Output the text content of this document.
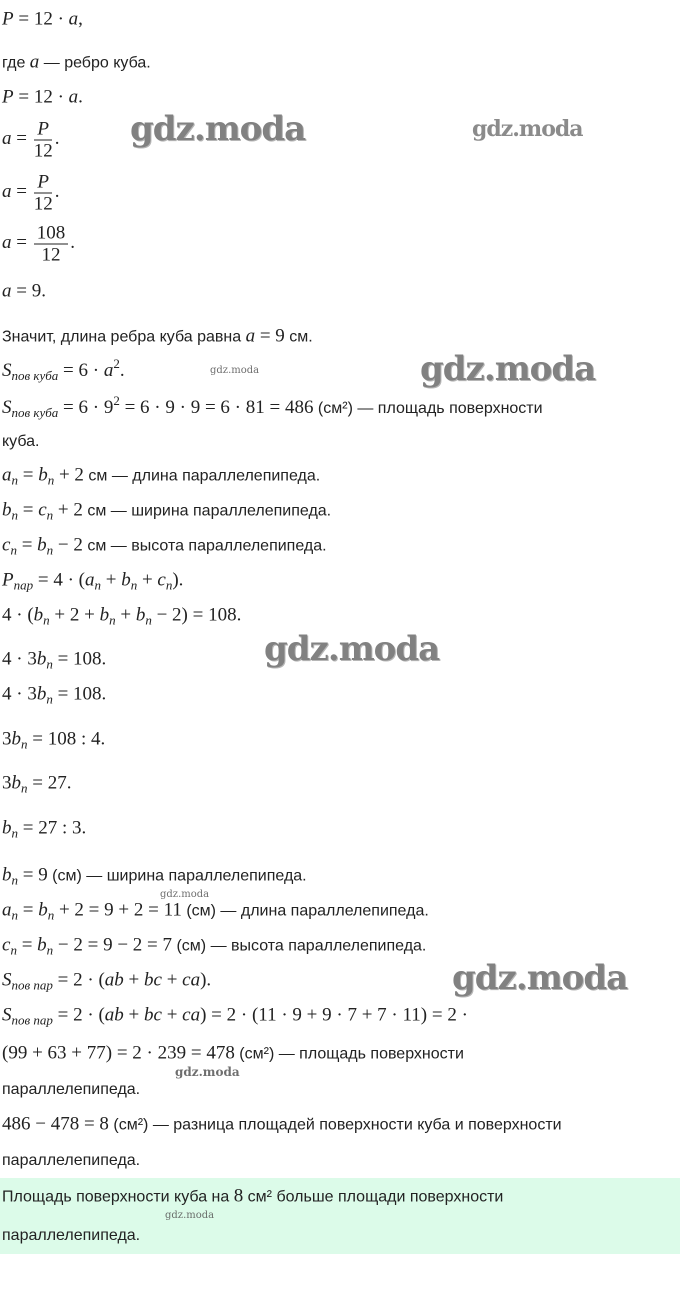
P = 12 · a,
где a — ребро куба.
P = 12 · a.
$a = \frac{P}{12}$ .
$a = \frac{P}{12}$ .
$a = \frac{108}{12}$ .
a = 9.
Значит, длина ребра куба равна a = 9 см.
$S_{пов куба} = 6 \cdot a^2$.
$S_{пов куба} = 6 \cdot 9^2 = 6 \cdot 9 \cdot 9 = 6 \cdot 81 = 486$ (см²) — площадь поверхности
куба.
$a_n = b_n + 2$ см — длина параллелепипеда.
$b_n = c_n + 2$ см — ширина параллелепипеда.
$c_n = b_n - 2$ см — высота параллелепипеда.
$P_{пар} = 4 \cdot (a_n + b_n + c_n)$.
$4 \cdot (b_n + 2 + b_n + b_n - 2) = 108$.
$4 \cdot 3b_n = 108$.
$4 \cdot 3b_n = 108$.
$3b_n = 108$ : 4.
$3b_n = 27$.
$b_n = 27$ : 3.
$b_n = 9$ (см) — ширина параллелепипеда.
$a_n = b_n + 2 = 9 + 2 = 11$ (см) — длина параллелепипеда.
$c_n = b_n - 2 = 9 - 2 = 7$ (см) — высота параллелепипеда.
$S_{пов пар} = 2 \cdot (ab$ + bc + ca).
$S_{пов пар} = 2 \cdot (ab$ + bc + ca) = 2 · (11 · 9 + 9 · 7 + 7 · 11) = 2 ·
(99 + 63 + 77) = 2 · 239 = 478 (см²) — площадь поверхности
параллелепипеда.
486 − 478 = 8 (см²) — разница площадей поверхности куба и поверхности
параллелепипеда.
Площадь поверхности куба на 8 см² больше площади поверхности
параллелепипеда.
gdz.moda	gdz.moda
gdz.moda
gdz.moda
gdz.moda
gdz.moda
gdz.moda
gdz.moda
gdz.moda
